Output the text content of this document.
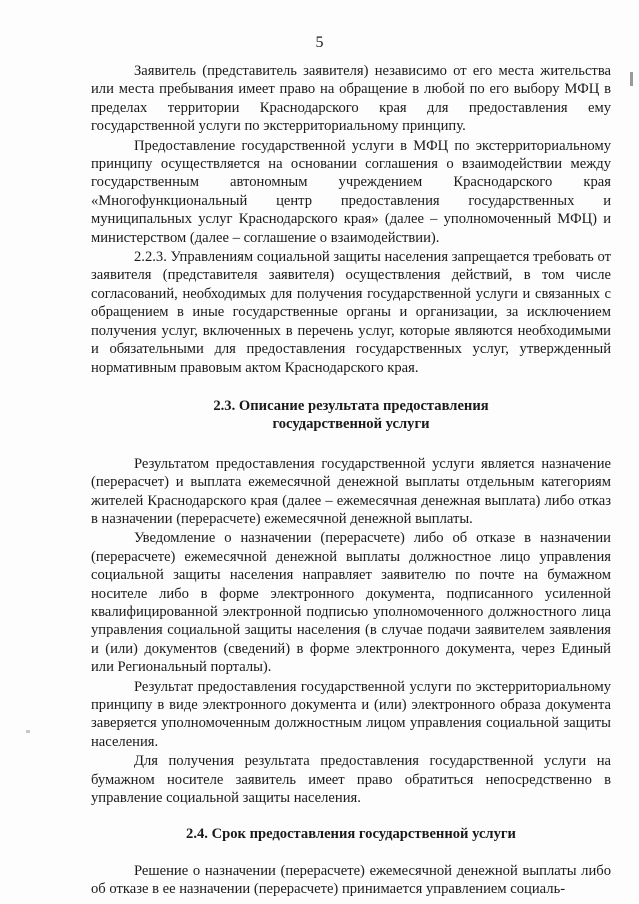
5

Заявитель (представитель заявителя) независимо от его места жительства или места пребывания имеет право на обращение в любой по его выбору МФЦ в пределах территории Краснодарского края для предоставления ему государственной услуги по экстерриториальному принципу.

Предоставление государственной услуги в МФЦ по экстерриториальному принципу осуществляется на основании соглашения о взаимодействии между государственным автономным учреждением Краснодарского края «Многофункциональный центр предоставления государственных и муниципальных услуг Краснодарского края» (далее – уполномоченный МФЦ) и министерством (далее – соглашение о взаимодействии).

2.2.3. Управлениям социальной защиты населения запрещается требовать от заявителя (представителя заявителя) осуществления действий, в том числе согласований, необходимых для получения государственной услуги и связанных с обращением в иные государственные органы и организации, за исключением получения услуг, включенных в перечень услуг, которые являются необходимыми и обязательными для предоставления государственных услуг, утвержденный нормативным правовым актом Краснодарского края.

2.3. Описание результата предоставления
государственной услуги

Результатом предоставления государственной услуги является назначение (перерасчет) и выплата ежемесячной денежной выплаты отдельным категориям жителей Краснодарского края (далее – ежемесячная денежная выплата) либо отказ в назначении (перерасчете) ежемесячной денежной выплаты.

Уведомление о назначении (перерасчете) либо об отказе в назначении (перерасчете) ежемесячной денежной выплаты должностное лицо управления социальной защиты населения направляет заявителю по почте на бумажном носителе либо в форме электронного документа, подписанного усиленной квалифицированной электронной подписью уполномоченного должностного лица управления социальной защиты населения (в случае подачи заявителем заявления и (или) документов (сведений) в форме электронного документа, через Единый или Региональный порталы).

Результат предоставления государственной услуги по экстерриториальному принципу в виде электронного документа и (или) электронного образа документа заверяется уполномоченным должностным лицом управления социальной защиты населения.

Для получения результата предоставления государственной услуги на бумажном носителе заявитель имеет право обратиться непосредственно в управление социальной защиты населения.

2.4. Срок предоставления государственной услуги

Решение о назначении (перерасчете) ежемесячной денежной выплаты либо об отказе в ее назначении (перерасчете) принимается управлением социаль-
